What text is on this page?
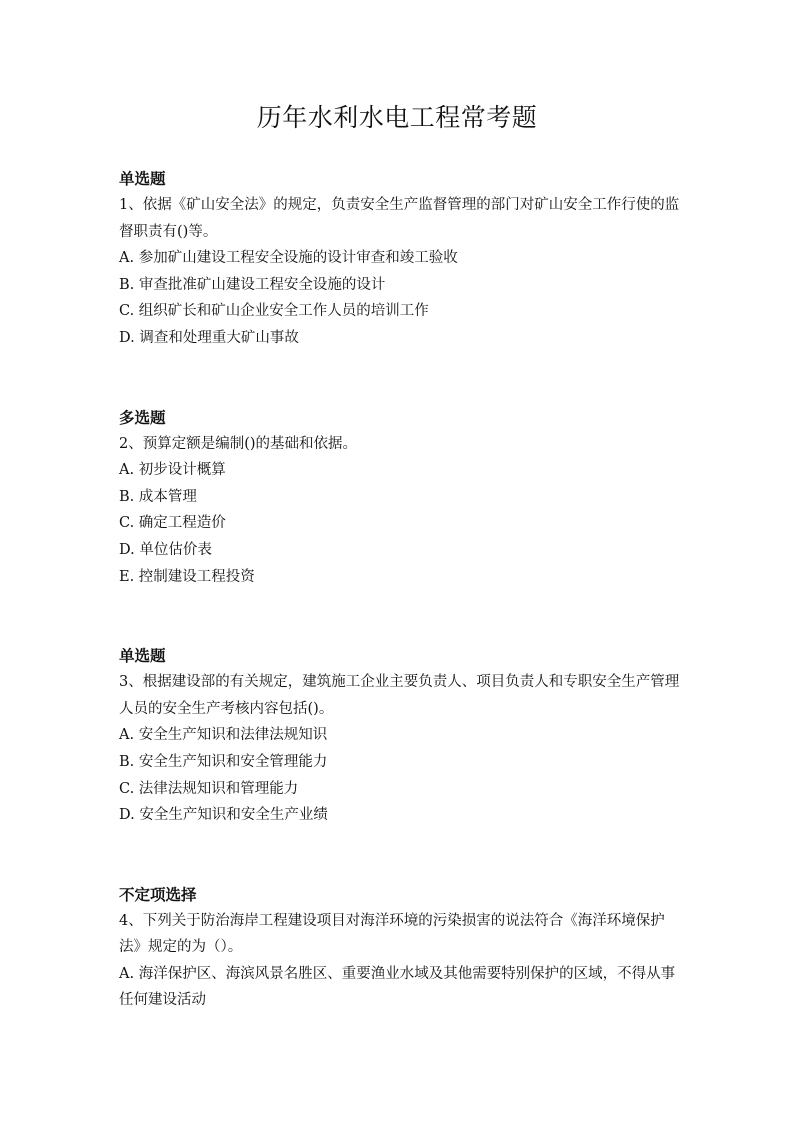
历年水利水电工程常考题
单选题
1、依据《矿山安全法》的规定，负责安全生产监督管理的部门对矿山安全工作行使的监督职责有()等。
A. 参加矿山建设工程安全设施的设计审查和竣工验收
B. 审查批准矿山建设工程安全设施的设计
C. 组织矿长和矿山企业安全工作人员的培训工作
D. 调查和处理重大矿山事故
多选题
2、预算定额是编制()的基础和依据。
A. 初步设计概算
B. 成本管理
C. 确定工程造价
D. 单位估价表
E. 控制建设工程投资
单选题
3、根据建设部的有关规定，建筑施工企业主要负责人、项目负责人和专职安全生产管理人员的安全生产考核内容包括()。
A. 安全生产知识和法律法规知识
B. 安全生产知识和安全管理能力
C. 法律法规知识和管理能力
D. 安全生产知识和安全生产业绩
不定项选择
4、下列关于防治海岸工程建设项目对海洋环境的污染损害的说法符合《海洋环境保护法》规定的为（）。
A. 海洋保护区、海滨风景名胜区、重要渔业水域及其他需要特别保护的区域，不得从事任何建设活动
